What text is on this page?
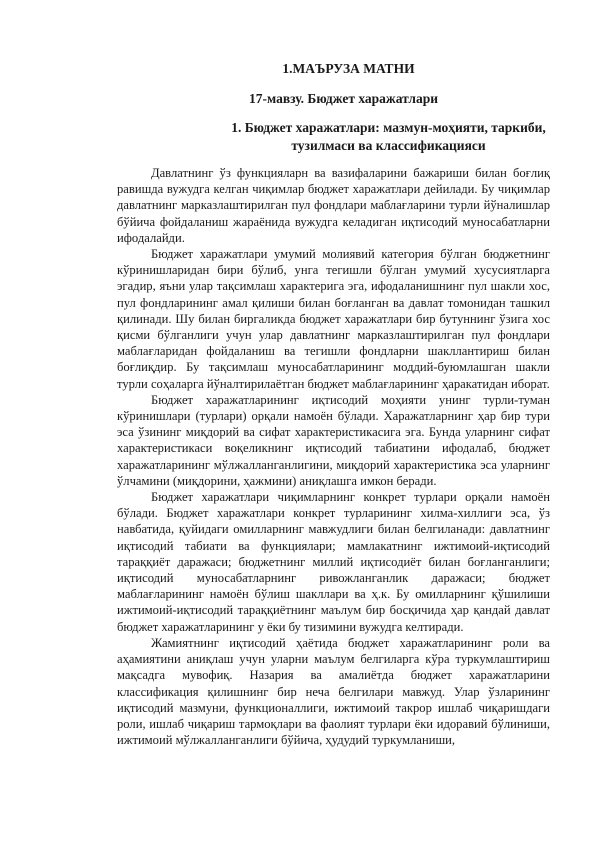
1.МАЪРУЗА МАТНИ
17-мавзу. Бюджет харажатлари
1. Бюджет харажатлари: мазмун-моҳияти, таркиби, тузилмаси ва классификацияси

Давлатнинг ўз функцияларн ва вазифаларини бажариши билан боғлиқ равишда вужудга келган чиқимлар бюджет харажатлари дейилади. Бу чиқимлар давлатнинг марказлаштирилган пул фондлари маблағларини турли йўналишлар бўйича фойдаланиш жараёнида вужудга келадиган иқтисодий муносабатларни ифодалайди.

Бюджет харажатлари умумий молиявий категория бўлган бюджетнинг кўринишларидан бири бўлиб, унга тегишли бўлган умумий хусусиятларга эгадир, яъни улар тақсимлаш характерига эга, ифодаланишнинг пул шакли хос, пул фондларининг амал қилиши билан боғланган ва давлат томонидан ташкил қилинади. Шу билан биргаликда бюджет харажатлари бир бутуннинг ўзига хос қисми бўлганлиги учун улар давлатнинг марказлаштирилган пул фондлари маблағларидан фойдаланиш ва тегишли фондларни шакллантириш билан боғлиқдир. Бу тақсимлаш муносабатларининг моддий-буюмлашган шакли турли соҳаларга йўналтирилаётган бюджет маблағларининг ҳаракатидан иборат.

Бюджет харажатларининг иқтисодий моҳияти унинг турли-туман кўринишлари (турлари) орқали намоён бўлади. Харажатларнинг ҳар бир тури эса ўзининг миқдорий ва сифат характеристикасига эга. Бунда уларнинг сифат характеристикаси воқеликнинг иқтисодий табиатини ифодалаб, бюджет харажатларининг мўлжалланганлигини, миқдорий характеристика эса уларнинг ўлчамини (миқдорини, ҳажмини) аниқлашга имкон беради.

Бюджет харажатлари чиқимларнинг конкрет турлари орқали намоён бўлади. Бюджет харажатлари конкрет турларининг хилма-хиллиги эса, ўз навбатида, қуйидаги омилларнинг мавжудлиги билан белгиланади: давлатнинг иқтисодий табиати ва функциялари; мамлакатнинг ижтимоий-иқтисодий тараққиёт даражаси; бюджетнинг миллий иқтисодиёт билан боғланганлиги; иқтисодий муносабатларнинг ривожланганлик даражаси; бюджет маблағларининг намоён бўлиш шакллари ва ҳ.к. Бу омилларнинг қўшилиши ижтимоий-иқтисодий тараққиётнинг маълум бир босқичида ҳар қандай давлат бюджет харажатларининг у ёки бу тизимини вужудга келтиради.

Жамиятнинг иқтисодий ҳаётида бюджет харажатларининг роли ва аҳамиятини аниқлаш учун уларни маълум белгиларга кўра туркумлаштириш мақсадга мувофиқ. Назария ва амалиётда бюджет харажатларини классификация қилишнинг бир неча белгилари мавжуд. Улар ўзларининг иқтисодий мазмуни, функционаллиги, ижтимоий такрор ишлаб чиқаришдаги роли, ишлаб чиқариш тармоқлари ва фаолият турлари ёки идоравий бўлиниши, ижтимоий мўлжалланганлиги бўйича, ҳудудий туркумланиши,
